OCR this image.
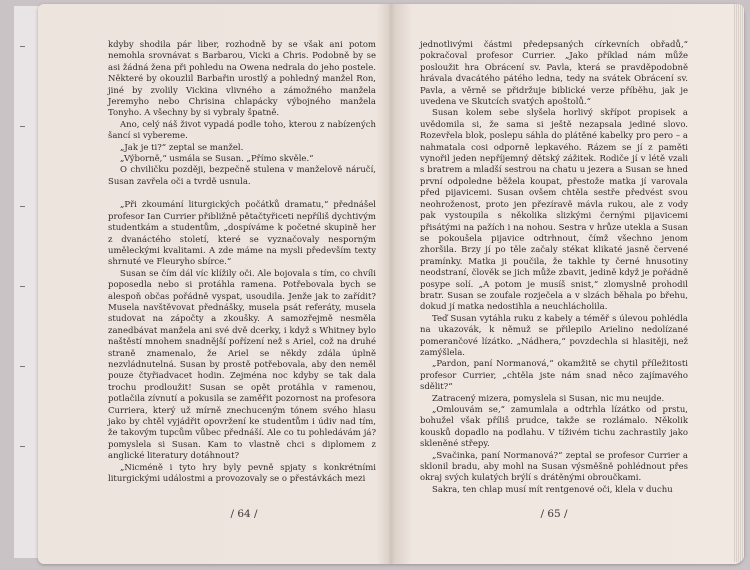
kdyby shodila pár liber, rozhodně by se však ani potom nemohla srovnávat s Barbarou, Vicki a Chris. Podobně by se asi žádná žena při pohledu na Owena nedrala do jeho postele. Některé by okouzlil Barbařin urostlý a pohledný manžel Ron, jiné by zvolily Vickina vlivného a zámožného manžela Jeremyho nebo Chrisina chlapácky výbojného manžela Tonyho. A všechny by si vybraly špatně.

Ano, celý náš život vypadá podle toho, kterou z nabízených šancí si vybereme.

„Jak je ti?“ zeptal se manžel.

„Výborně,“ usmála se Susan. „Přímo skvěle.“

O chviličku později, bezpečně stulena v manželově náručí, Susan zavřela oči a tvrdě usnula.

„Při zkoumání liturgických počátků dramatu,“ přednášel profesor Ian Currier přibližně pětačtyřiceti nepříliš dychtivým studentkám a studentům, „dospíváme k početné skupině her z dvanáctého století, které se vyznačovaly nesporným uměleckými kvalitami. A zde máme na mysli především texty shrnuté ve Fleuryho sbírce.“

Susan se čím dál víc klížily oči. Ale bojovala s tím, co chvíli poposedla nebo si protáhla ramena. Potřebovala bych se alespoň občas pořádně vyspat, usoudila. Jenže jak to zařídit? Musela navštěvovat přednášky, musela psát referáty, musela studovat na zápočty a zkoušky. A samozřejmě nesměla zanedbávat manžela ani své dvě dcerky, i když s Whitney bylo naštěstí mnohem snadnější pořízení než s Ariel, což na druhé straně znamenalo, že Ariel se někdy zdála úplně nezvládnutelná. Susan by prostě potřebovala, aby den neměl pouze čtyřiadvacet hodin. Zejména noc kdyby se tak dala trochu prodloužit! Susan se opět protáhla v ramenou, potlačila zívnutí a pokusila se zaměřit pozornost na profesora Curriera, který už mírně znechuceným tónem svého hlasu jako by chtěl vyjádřit opovržení ke studentům i údiv nad tím, že takovým tupcům vůbec přednáší. Ale co tu pohledávám já? pomyslela si Susan. Kam to vlastně chci s diplomem z anglické literatury dotáhnout?

„Nicméně i tyto hry byly pevně spjaty s konkrétními liturgickými událostmi a provozovaly se o přestávkách mezi

/ 64 /

jednotlivými částmi předepsaných církevních obřadů,“ pokračoval profesor Currier. „Jako příklad nám může posloužit hra Obrácení sv. Pavla, která se pravděpodobně hrávala dvacátého pátého ledna, tedy na svátek Obrácení sv. Pavla, a věrně se přidržuje biblické verze příběhu, jak je uvedena ve Skutcích svatých apoštolů.“

Susan kolem sebe slyšela horlivý skřípot propisek a uvědomila si, že sama si ještě nezapsala jediné slovo. Rozevřela blok, poslepu sáhla do plátěné kabelky pro pero – a nahmatala cosi odporně lepkavého. Rázem se jí z paměti vynořil jeden nepříjemný dětský zážitek. Rodiče jí v létě vzali s bratrem a mladší sestrou na chatu u jezera a Susan se hned první odpoledne běžela koupat, přestože matka jí varovala před pijavicemi. Susan ovšem chtěla sestře předvést svou neohroženost, proto jen přezíravě mávla rukou, ale z vody pak vystoupila s několika slizkými černými pijavicemi přisátými na pažích i na nohou. Sestra v hrůze utekla a Susan se pokoušela pijavice odtrhnout, čímž všechno jenom zhoršila. Brzy jí po těle začaly stékat klikaté jasně červené pramínky. Matka ji poučila, že takhle ty černé hnusotiny neodstraní, člověk se jich může zbavit, jedině když je pořádně posype solí. „A potom je musíš snist,“ zlomyslně prohodil bratr. Susan se zoufale rozječela a v slzách běhala po břehu, dokud jí matka nedostihla a neuchlácholila.

Teď Susan vytáhla ruku z kabely a téměř s úlevou pohlédla na ukazovák, k němuž se přilepilo Arielino nedolízané pomerančové lízátko. „Nádhera,“ povzdechla si hlasitěji, než zamýšlela.

„Pardon, paní Normanová,“ okamžitě se chytil příležitosti profesor Currier, „chtěla jste nám snad něco zajímavého sdělit?“

Zatracený mizera, pomyslela si Susan, nic mu neujde.

„Omlouvám se,“ zamumlala a odtrhla lízátko od prstu, bohužel však příliš prudce, takže se rozlámalo. Několik kousků dopadlo na podlahu. V tíživém tichu zachrastily jako skleněné střepy.

„Svačinka, paní Normanová?“ zeptal se profesor Currier a sklonil bradu, aby mohl na Susan výsměšně pohlédnout přes okraj svých kulatých brýlí s drátěnými obroučkami.

Sakra, ten chlap musí mít rentgenové oči, klela v duchu

/ 65 /
